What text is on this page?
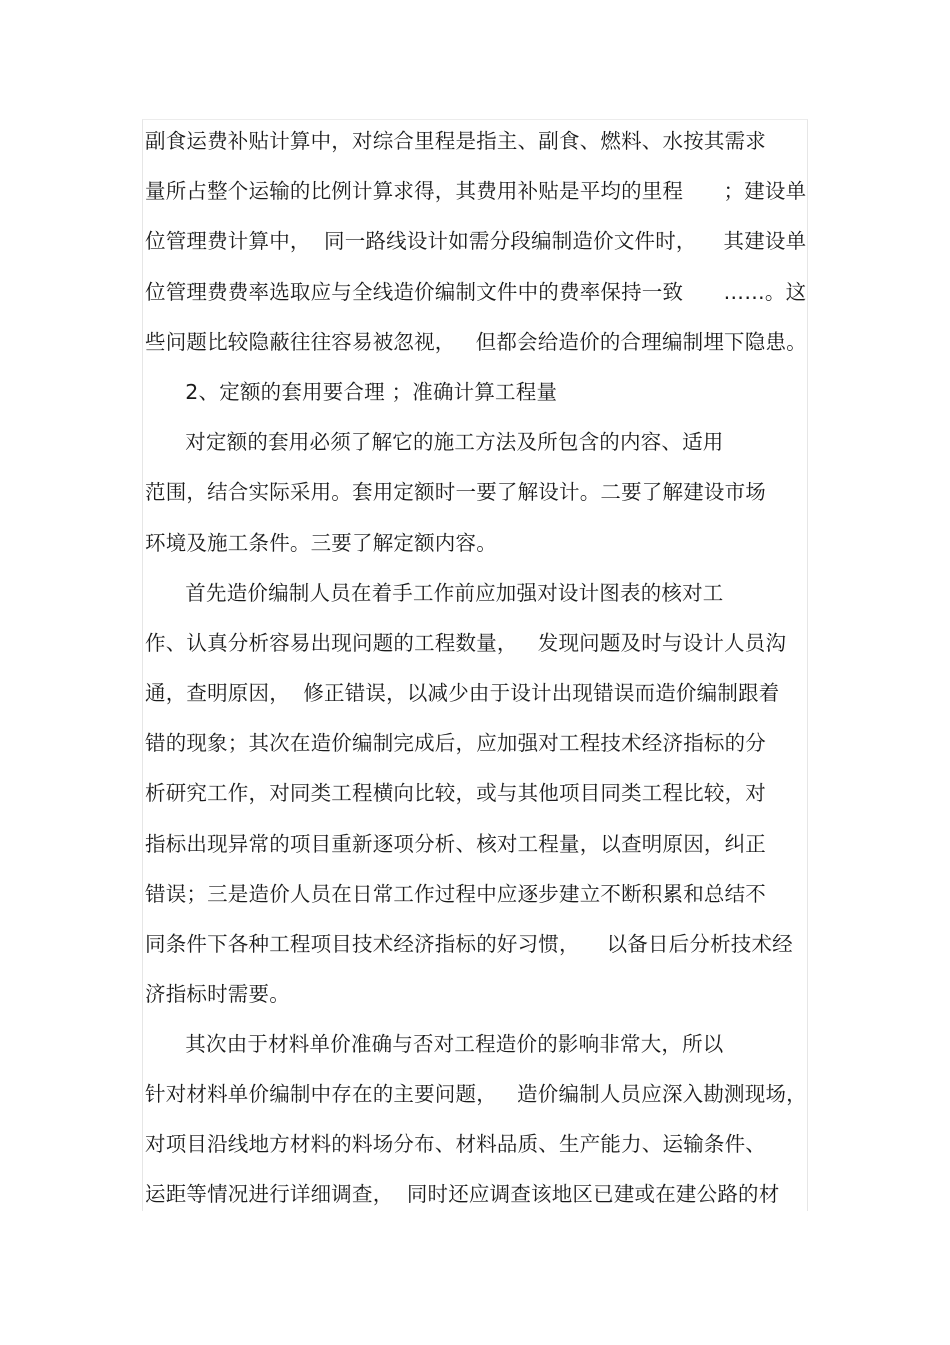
副食运费补贴计算中，对综合里程是指主、副食、燃料、水按其需求
量所占整个运输的比例计算求得，其费用补贴是平均的里程      ；建设单
位管理费计算中，  同一路线设计如需分段编制造价文件时，    其建设单
位管理费费率选取应与全线造价编制文件中的费率保持一致      ……。这
些问题比较隐蔽往往容易被忽视，   但都会给造价的合理编制埋下隐患。
2、定额的套用要合理 ；准确计算工程量
对定额的套用必须了解它的施工方法及所包含的内容、适用
范围，结合实际采用。套用定额时一要了解设计。二要了解建设市场
环境及施工条件。三要了解定额内容。
首先造价编制人员在着手工作前应加强对设计图表的核对工
作、认真分析容易出现问题的工程数量，   发现问题及时与设计人员沟
通，查明原因，  修正错误，以减少由于设计出现错误而造价编制跟着
错的现象；其次在造价编制完成后，应加强对工程技术经济指标的分
析研究工作，对同类工程横向比较，或与其他项目同类工程比较，对
指标出现异常的项目重新逐项分析、核对工程量，以查明原因，纠正
错误；三是造价人员在日常工作过程中应逐步建立不断积累和总结不
同条件下各种工程项目技术经济指标的好习惯，    以备日后分析技术经
济指标时需要。
其次由于材料单价准确与否对工程造价的影响非常大，所以
针对材料单价编制中存在的主要问题，   造价编制人员应深入勘测现场，
对项目沿线地方材料的料场分布、材料品质、生产能力、运输条件、
运距等情况进行详细调查，  同时还应调查该地区已建或在建公路的材
